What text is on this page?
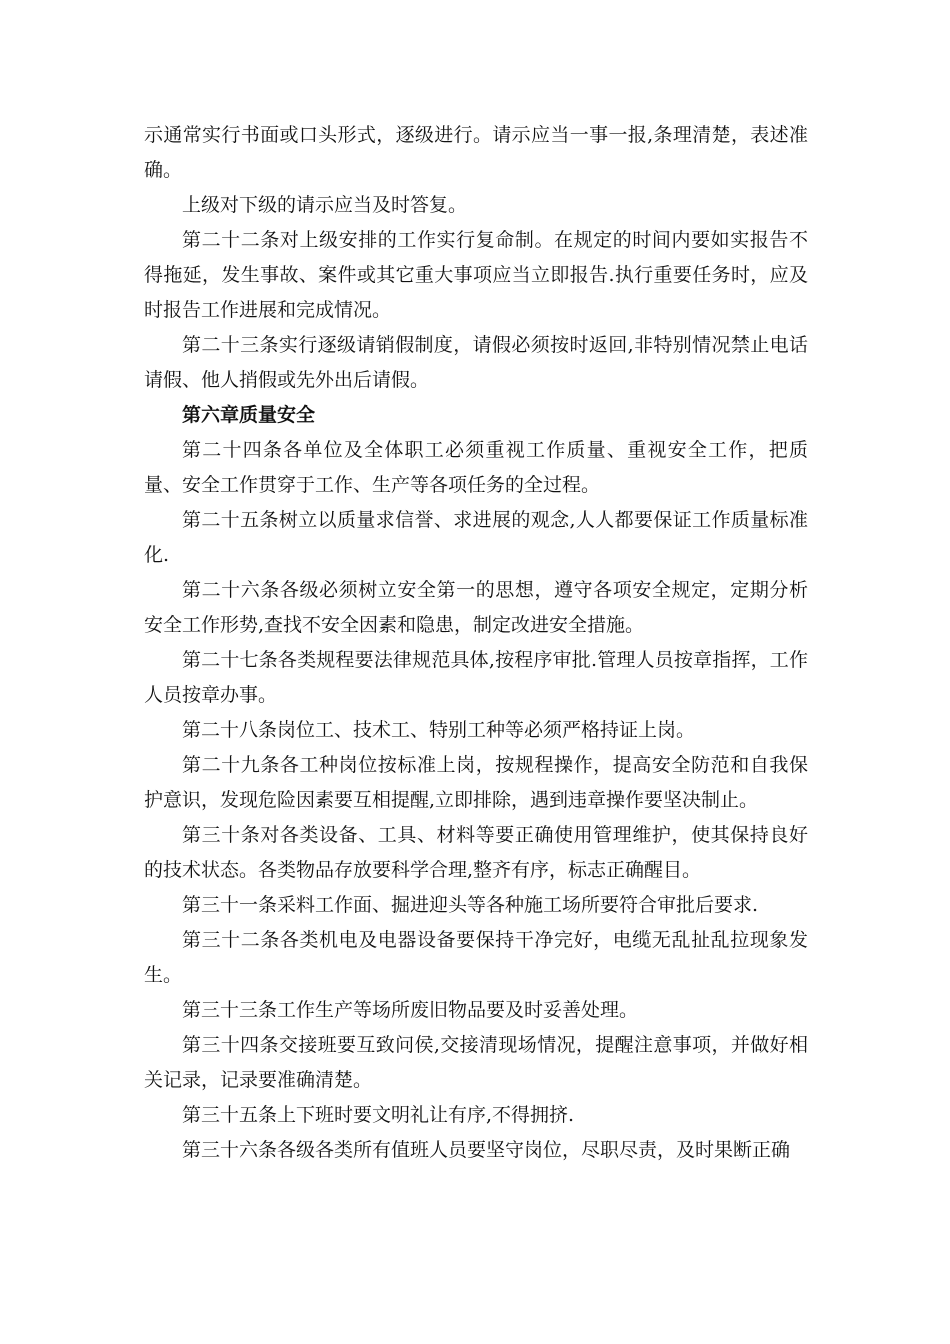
示通常实行书面或口头形式，逐级进行。请示应当一事一报,条理清楚，表述准确。

上级对下级的请示应当及时答复。

第二十二条对上级安排的工作实行复命制。在规定的时间内要如实报告不得拖延，发生事故、案件或其它重大事项应当立即报告.执行重要任务时，应及时报告工作进展和完成情况。

第二十三条实行逐级请销假制度，请假必须按时返回,非特别情况禁止电话请假、他人捎假或先外出后请假。

第六章质量安全

第二十四条各单位及全体职工必须重视工作质量、重视安全工作，把质量、安全工作贯穿于工作、生产等各项任务的全过程。

第二十五条树立以质量求信誉、求进展的观念,人人都要保证工作质量标准化.

第二十六条各级必须树立安全第一的思想，遵守各项安全规定，定期分析安全工作形势,查找不安全因素和隐患，制定改进安全措施。

第二十七条各类规程要法律规范具体,按程序审批.管理人员按章指挥，工作人员按章办事。

第二十八条岗位工、技术工、特别工种等必须严格持证上岗。

第二十九条各工种岗位按标准上岗，按规程操作，提高安全防范和自我保护意识，发现危险因素要互相提醒,立即排除，遇到违章操作要坚决制止。

第三十条对各类设备、工具、材料等要正确使用管理维护，使其保持良好的技术状态。各类物品存放要科学合理,整齐有序，标志正确醒目。

第三十一条采料工作面、掘进迎头等各种施工场所要符合审批后要求.

第三十二条各类机电及电器设备要保持干净完好，电缆无乱扯乱拉现象发生。

第三十三条工作生产等场所废旧物品要及时妥善处理。

第三十四条交接班要互致问侯,交接清现场情况，提醒注意事项，并做好相关记录，记录要准确清楚。

第三十五条上下班时要文明礼让有序,不得拥挤.

第三十六条各级各类所有值班人员要坚守岗位，尽职尽责，及时果断正确
